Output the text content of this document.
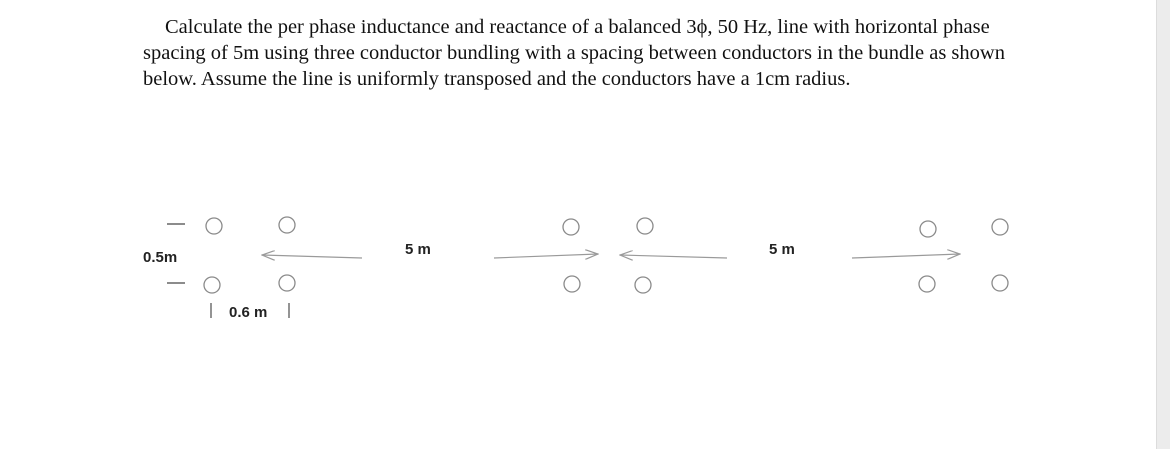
Calculate the per phase inductance and reactance of a balanced 3ϕ, 50 Hz, line with horizontal phase spacing of 5m using three conductor bundling with a spacing between conductors in the bundle as shown below. Assume the line is uniformly transposed and the conductors have a 1cm radius.

0.5m
0.6 m
5 m	5 m
